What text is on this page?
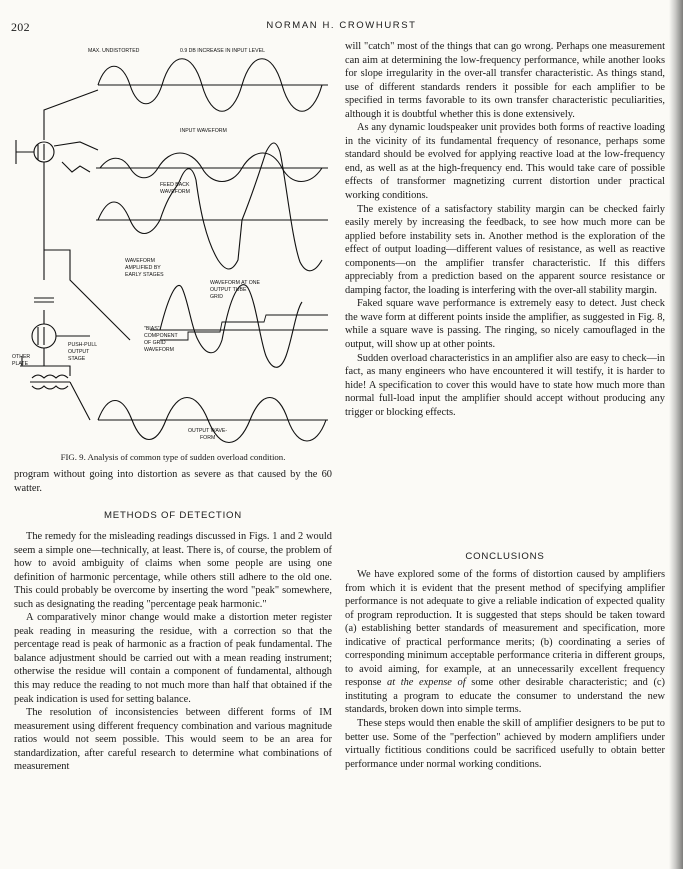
202	NORMAN H. CROWHURST
MAX. UNDISTORTED	0.9 DB INCREASE IN INPUT LEVEL
INPUT WAVEFORM
FEED BACK
WAVEFORM
WAVEFORM
AMPLIFIED BY
EARLY STAGES
WAVEFORM AT ONE
OUTPUT TUBE
GRID
"BIAS"
COMPONENT
OF GRID
WAVEFORM
PUSH-PULL
OUTPUT
STAGE
OTHER
PLATE
OUTPUT WAVE-
FORM
FIG. 9. Analysis of common type of sudden overload condition.

program without going into distortion as severe as that caused by the 60 watter.

METHODS OF DETECTION

The remedy for the misleading readings discussed in Figs. 1 and 2 would seem a simple one—technically, at least. There is, of course, the problem of how to avoid ambiguity of claims when some people are using one definition of harmonic percentage, while others still adhere to the old one. This could probably be overcome by inserting the word "peak" somewhere, such as designating the reading "percentage peak harmonic."

A comparatively minor change would make a distortion meter register peak reading in measuring the residue, with a correction so that the percentage read is peak of harmonic as a fraction of peak fundamental. The balance adjustment should be carried out with a mean reading instrument; otherwise the residue will contain a component of fundamental, although this may reduce the reading to not much more than half that obtained if the peak indication is used for setting balance.

The resolution of inconsistencies between different forms of IM measurement using different frequency combination and various magnitude ratios would not seem possible. This would seem to be an area for standardization, after careful research to determine what combinations of measurement

will "catch" most of the things that can go wrong. Perhaps one measurement can aim at determining the low-frequency performance, while another looks for slope irregularity in the over-all transfer characteristic. As things stand, use of different standards renders it possible for each amplifier to be specified in terms favorable to its own transfer characteristic peculiarities, although it is doubtful whether this is done extensively.

As any dynamic loudspeaker unit provides both forms of reactive loading in the vicinity of its fundamental frequency of resonance, perhaps some standard should be evolved for applying reactive load at the low-frequency end, as well as at the high-frequency end. This would take care of possible effects of transformer magnetizing current distortion under practical working conditions.

The existence of a satisfactory stability margin can be checked fairly easily merely by increasing the feedback, to see how much more can be applied before instability sets in. Another method is the exploration of the effect of output loading—different values of resistance, as well as reactive components—on the amplifier transfer characteristic. If this differs appreciably from a prediction based on the apparent source resistance or damping factor, the loading is interfering with the over-all stability margin.

Faked square wave performance is extremely easy to detect. Just check the wave form at different points inside the amplifier, as suggested in Fig. 8, while a square wave is passing. The ringing, so nicely camouflaged in the output, will show up at other points.

Sudden overload characteristics in an amplifier also are easy to check—in fact, as many engineers who have encountered it will testify, it is harder to hide! A specification to cover this would have to state how much more than normal full-load input the amplifier should accept without producing any trigger or blocking effects.

CONCLUSIONS

We have explored some of the forms of distortion caused by amplifiers from which it is evident that the present method of specifying amplifier performance is not adequate to give a reliable indication of expected quality of program reproduction. It is suggested that steps should be taken toward (a) establishing better standards of measurement and specification, more indicative of practical performance merits; (b) coordinating a series of corresponding minimum acceptable performance criteria in different groups, to avoid aiming, for example, at an unnecessarily excellent frequency response at the expense of some other desirable characteristic; and (c) instituting a program to educate the consumer to understand the new standards, broken down into simple terms.

These steps would then enable the skill of amplifier designers to be put to better use. Some of the "perfection" achieved by modern amplifiers under virtually fictitious conditions could be sacrificed usefully to obtain better performance under normal working conditions.
